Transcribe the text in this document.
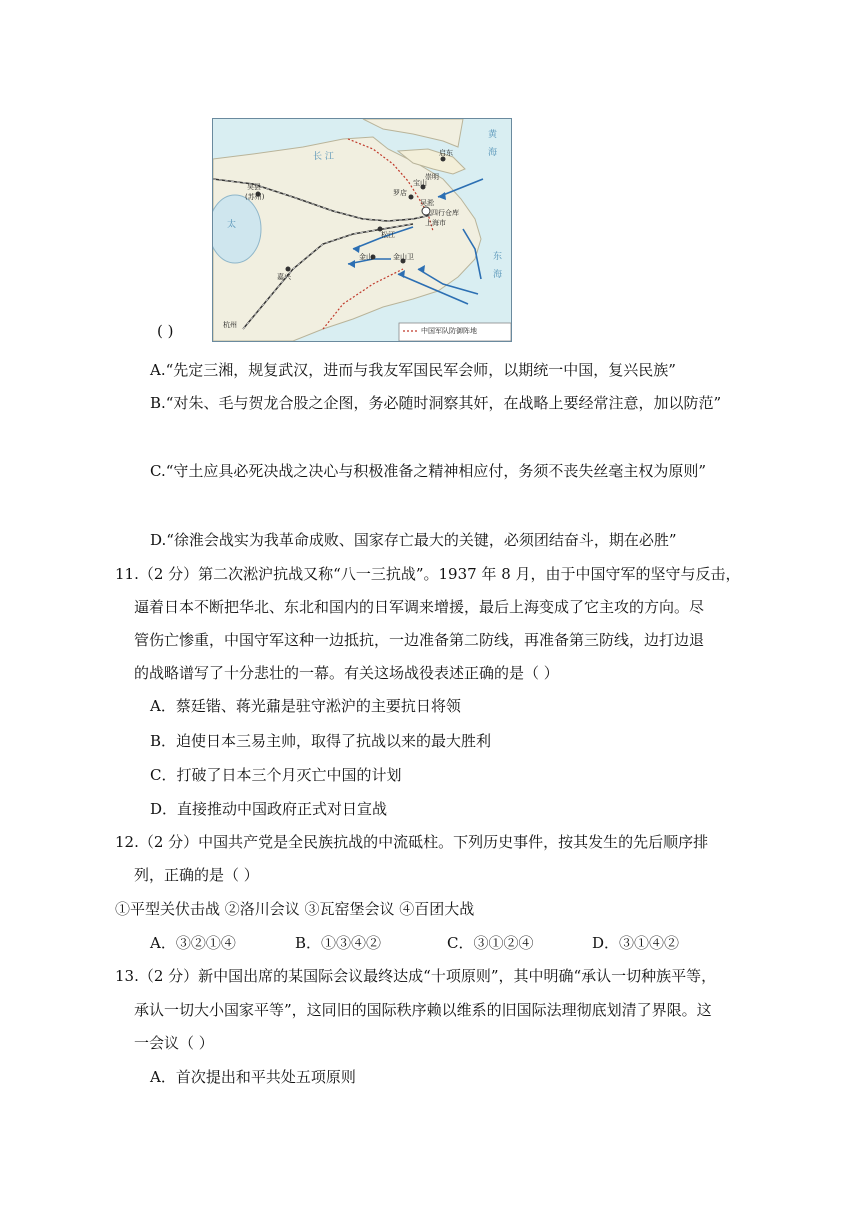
启东
崇明
罗店
宝山
吴淞
四行仓库
上海市
吴县
(苏州)
松江
金山	金山卫
嘉兴
杭州
长 江
太
黄
海
东
海
中国军队防御阵地
( )
A.“先定三湘，规复武汉，进而与我友军国民军会师，以期统一中国，复兴民族”
B.“对朱、毛与贺龙合股之企图，务必随时洞察其奸，在战略上要经常注意，加以防范”
C.“守土应具必死决战之决心与积极准备之精神相应付，务须不丧失丝毫主权为原则”
D.“徐淮会战实为我革命成败、国家存亡最大的关键，必须团结奋斗，期在必胜”
11.（2 分）第二次淞沪抗战又称“八一三抗战”。1937 年 8 月，由于中国守军的坚守与反击，
逼着日本不断把华北、东北和国内的日军调来增援，最后上海变成了它主攻的方向。尽
管伤亡惨重，中国守军这种一边抵抗，一边准备第二防线，再准备第三防线，边打边退
的战略谱写了十分悲壮的一幕。有关这场战役表述正确的是（ ）
A．蔡廷锴、蒋光鼐是驻守淞沪的主要抗日将领
B．迫使日本三易主帅，取得了抗战以来的最大胜利
C．打破了日本三个月灭亡中国的计划
D．直接推动中国政府正式对日宣战
12.（2 分）中国共产党是全民族抗战的中流砥柱。下列历史事件，按其发生的先后顺序排
列，正确的是（ ）
①平型关伏击战 ②洛川会议 ③瓦窑堡会议 ④百团大战
A．③②①④	B．①③④②	C．③①②④	D．③①④②
13.（2 分）新中国出席的某国际会议最终达成“十项原则”，其中明确“承认一切种族平等，
承认一切大小国家平等”，这同旧的国际秩序赖以维系的旧国际法理彻底划清了界限。这
一会议（ ）
A．首次提出和平共处五项原则
